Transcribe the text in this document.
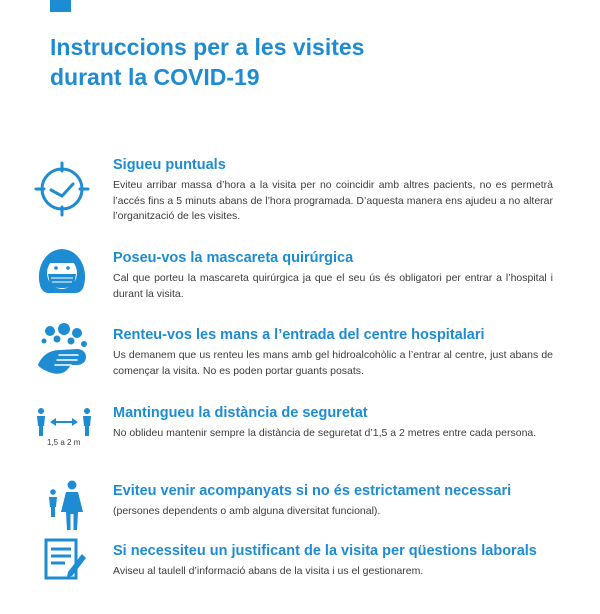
Instruccions per a les visites
durant la COVID-19
Sigueu puntuals

Eviteu arribar massa d’hora a la visita per no coincidir amb altres pacients, no es permetrà l’accés fins a 5 minuts abans de l’hora programada. D’aquesta manera ens ajudeu a no alterar l’organització de les visites.

Poseu-vos la mascareta quirúrgica

Cal que porteu la mascareta quirúrgica ja que el seu ús és obligatori per entrar a l’hospital i durant la visita.

Renteu-vos les mans a l’entrada del centre hospitalari

Us demanem que us renteu les mans amb gel hidroalcohòlic a l’entrar al centre, just abans de començar la visita. No es poden portar guants posats.

1,5 a 2 m
Mantingueu la distància de seguretat

No oblideu mantenir sempre la distància de seguretat d’1,5 a 2 metres entre cada persona.

Eviteu venir acompanyats si no és estrictament necessari

(persones dependents o amb alguna diversitat funcional).

Si necessiteu un justificant de la visita per qüestions laborals

Aviseu al taulell d’informació abans de la visita i us el gestionarem.
